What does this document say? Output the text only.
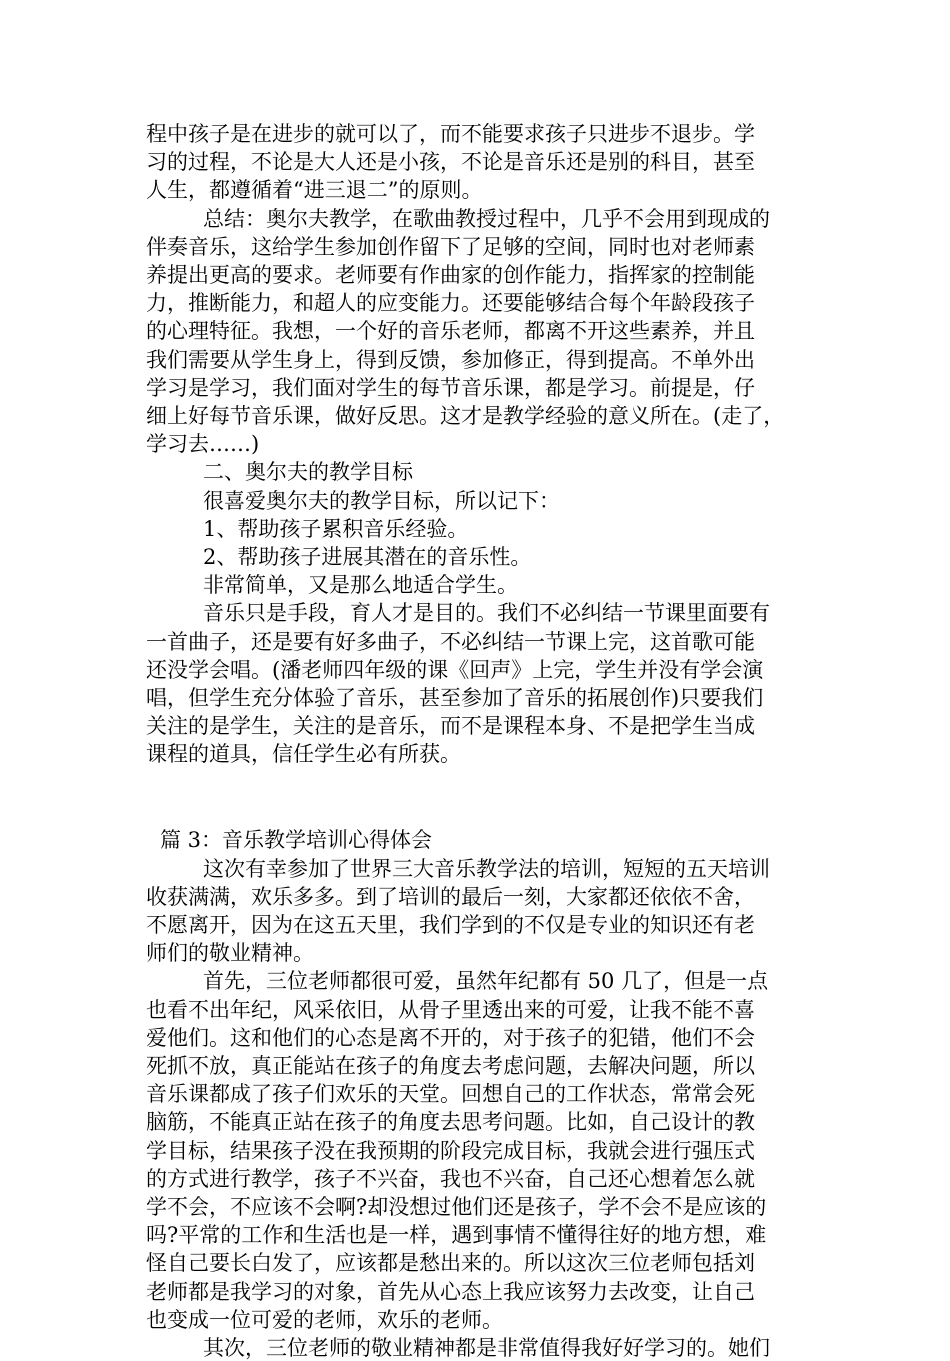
程中孩子是在进步的就可以了，而不能要求孩子只进步不退步。学
习的过程，不论是大人还是小孩，不论是音乐还是别的科目，甚至
人生，都遵循着“进三退二”的原则。
总结：奥尔夫教学，在歌曲教授过程中，几乎不会用到现成的
伴奏音乐，这给学生参加创作留下了足够的空间，同时也对老师素
养提出更高的要求。老师要有作曲家的创作能力，指挥家的控制能
力，推断能力，和超人的应变能力。还要能够结合每个年龄段孩子
的心理特征。我想，一个好的音乐老师，都离不开这些素养，并且
我们需要从学生身上，得到反馈，参加修正，得到提高。不单外出
学习是学习，我们面对学生的每节音乐课，都是学习。前提是，仔
细上好每节音乐课，做好反思。这才是教学经验的意义所在。(走了，
学习去……)
二、奥尔夫的教学目标
很喜爱奥尔夫的教学目标，所以记下：
1、帮助孩子累积音乐经验。
2、帮助孩子进展其潜在的音乐性。
非常简单，又是那么地适合学生。
音乐只是手段，育人才是目的。我们不必纠结一节课里面要有
一首曲子，还是要有好多曲子，不必纠结一节课上完，这首歌可能
还没学会唱。(潘老师四年级的课《回声》上完，学生并没有学会演
唱，但学生充分体验了音乐，甚至参加了音乐的拓展创作)只要我们
关注的是学生，关注的是音乐，而不是课程本身、不是把学生当成
课程的道具，信任学生必有所获。
篇 3：音乐教学培训心得体会
这次有幸参加了世界三大音乐教学法的培训，短短的五天培训
收获满满，欢乐多多。到了培训的最后一刻，大家都还依依不舍，
不愿离开，因为在这五天里，我们学到的不仅是专业的知识还有老
师们的敬业精神。
首先，三位老师都很可爱，虽然年纪都有 50 几了，但是一点
也看不出年纪，风采依旧，从骨子里透出来的可爱，让我不能不喜
爱他们。这和他们的心态是离不开的，对于孩子的犯错，他们不会
死抓不放，真正能站在孩子的角度去考虑问题，去解决问题，所以
音乐课都成了孩子们欢乐的天堂。回想自己的工作状态，常常会死
脑筋，不能真正站在孩子的角度去思考问题。比如，自己设计的教
学目标，结果孩子没在我预期的阶段完成目标，我就会进行强压式
的方式进行教学，孩子不兴奋，我也不兴奋，自己还心想着怎么就
学不会，不应该不会啊?却没想过他们还是孩子，学不会不是应该的
吗?平常的工作和生活也是一样，遇到事情不懂得往好的地方想，难
怪自己要长白发了，应该都是愁出来的。所以这次三位老师包括刘
老师都是我学习的对象，首先从心态上我应该努力去改变，让自己
也变成一位可爱的老师，欢乐的老师。
其次，三位老师的敬业精神都是非常值得我好好学习的。她们
